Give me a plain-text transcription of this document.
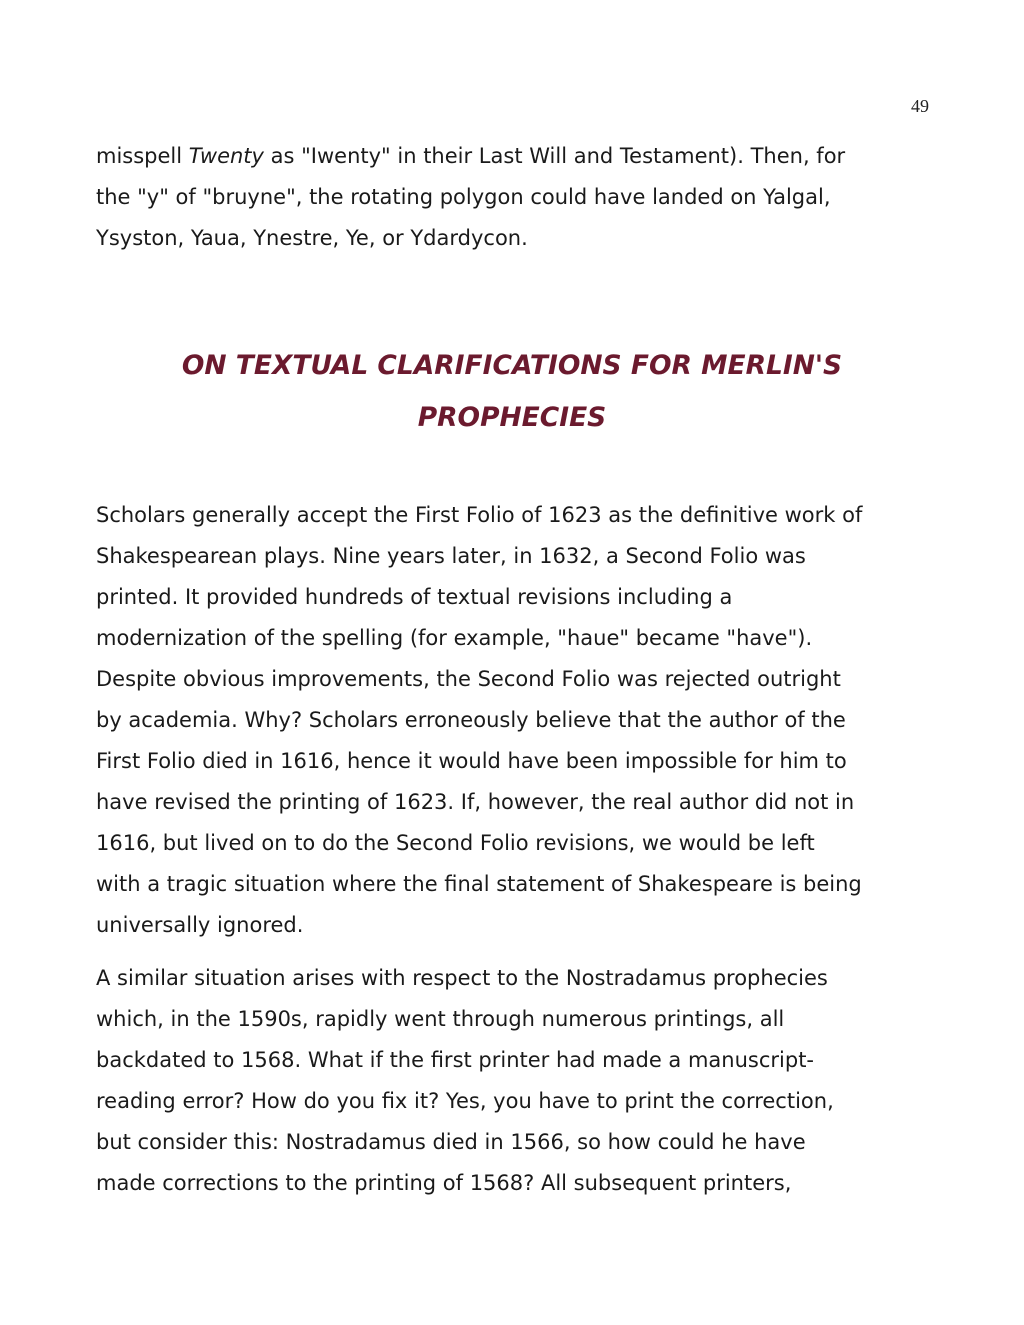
49
misspell Twenty as "Iwenty" in their Last Will and Testament). Then, for
the "y" of "bruyne", the rotating polygon could have landed on Yalgal,
Ysyston, Yaua, Ynestre, Ye, or Ydardycon.
ON TEXTUAL CLARIFICATIONS FOR MERLIN'S
PROPHECIES
Scholars generally accept the First Folio of 1623 as the definitive work of
Shakespearean plays. Nine years later, in 1632, a Second Folio was
printed. It provided hundreds of textual revisions including a
modernization of the spelling (for example, "haue" became "have").
Despite obvious improvements, the Second Folio was rejected outright
by academia. Why? Scholars erroneously believe that the author of the
First Folio died in 1616, hence it would have been impossible for him to
have revised the printing of 1623. If, however, the real author did not in
1616, but lived on to do the Second Folio revisions, we would be left
with a tragic situation where the final statement of Shakespeare is being
universally ignored.
A similar situation arises with respect to the Nostradamus prophecies
which, in the 1590s, rapidly went through numerous printings, all
backdated to 1568. What if the first printer had made a manuscript-
reading error? How do you fix it? Yes, you have to print the correction,
but consider this: Nostradamus died in 1566, so how could he have
made corrections to the printing of 1568? All subsequent printers,
